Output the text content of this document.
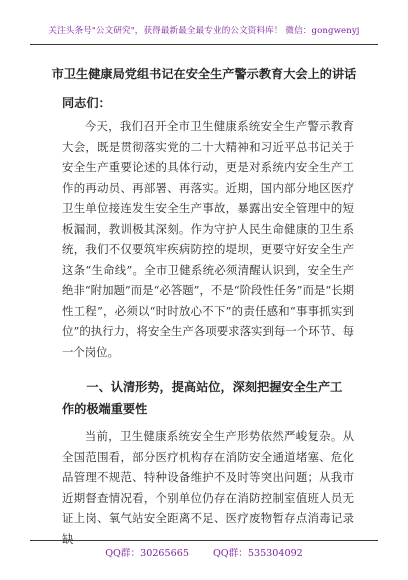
关注头条号"公文研究"，获得最新最全最专业的公文资料库！ 微信：gongwenyj
市卫生健康局党组书记在安全生产警示教育大会上的讲话
同志们：

今天，我们召开全市卫生健康系统安全生产警示教育大会，既是贯彻落实党的二十大精神和习近平总书记关于安全生产重要论述的具体行动，更是对系统内安全生产工作的再动员、再部署、再落实。近期，国内部分地区医疗卫生单位接连发生安全生产事故，暴露出安全管理中的短板漏洞，教训极其深刻。作为守护人民生命健康的卫生系统，我们不仅要筑牢疾病防控的堤坝，更要守好安全生产这条“生命线”。全市卫健系统必须清醒认识到，安全生产绝非“附加题”而是“必答题”，不是“阶段性任务”而是“长期性工程”，必须以“时时放心不下”的责任感和“事事抓实到位”的执行力，将安全生产各项要求落实到每一个环节、每一个岗位。

一、认清形势，提高站位，深刻把握安全生产工作的极端重要性

当前，卫生健康系统安全生产形势依然严峻复杂。从全国范围看，部分医疗机构存在消防安全通道堵塞、危化品管理不规范、特种设备维护不及时等突出问题；从我市近期督查情况看，个别单位仍存在消防控制室值班人员无证上岗、氧气站安全距离不足、医疗废物暂存点消毒记录缺

QQ群：30265665	QQ群：535304092
